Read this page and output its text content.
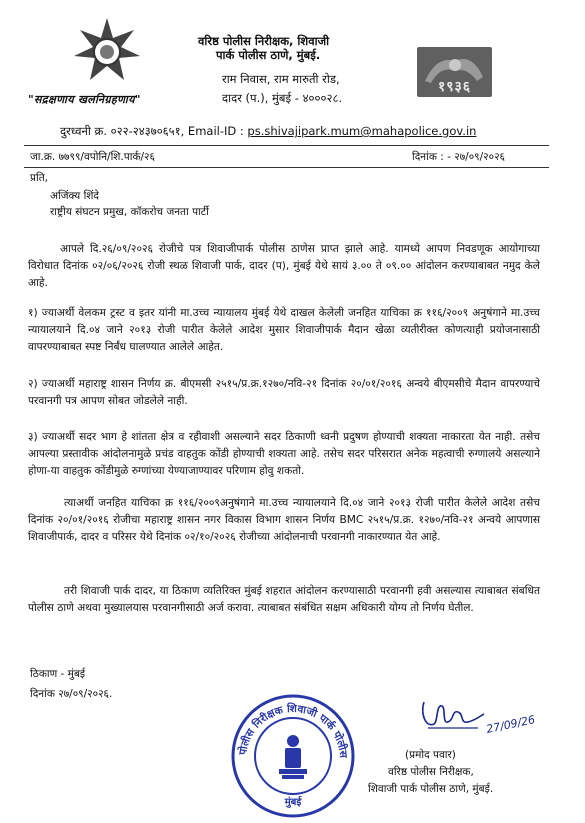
"सद्रक्षणाय खलनिग्रहणाय"
वरिष्ठ पोलीस निरीक्षक, शिवाजी
पार्क पोलीस ठाणे, मुंबई.
राम निवास, राम मारुती रोड,
दादर (प.), मुंबई - ४०००२८.
१९३६
दुरध्वनी क्र. ०२२-२४३७०६५१, Email-ID : ps.shivajipark.mum@mahapolice.gov.in
जा.क्र. ७७९९/वपोनि/शि.पार्क/२६	दिनांक : - २७/०९/२०२६
प्रति,
अजिंक्य शिंदे
राष्ट्रीय संघटन प्रमुख, कॉकरोच जनता पार्टी
आपले दि.२६/०९/२०२६ रोजीचे पत्र शिवाजीपार्क पोलीस ठाणेस प्राप्त झाले आहे. यामध्ये आपण निवडणूक आयोगाच्या विरोधात दिनांक ०२/०६/२०२६ रोजी स्थळ शिवाजी पार्क, दादर (प), मुंबई येथे सायं ३.०० ते ०९.०० आंदोलन करण्याबाबत नमुद केले आहे.
१) ज्याअर्थी वेलकम ट्रस्ट व इतर यांनी मा.उच्च न्यायालय मुंबई येथे दाखल केलेली जनहित याचिका क्र ११६/२००९ अनुषंगाने मा.उच्च न्यायालयाने दि.०४ जाने २०१३ रोजी पारीत केलेले आदेश मुसार शिवाजीपार्क मैदान खेळा व्यतीरीक्त कोणत्याही प्रयोजनासाठी वापरण्याबाबत स्पष्ट निर्बंध घालण्यात आलेले आहेत.
२) ज्याअर्थी महाराष्ट्र शासन निर्णय क्र. बीएमसी २५१५/प्र.क्र.१२७०/नवि-२१ दिनांक २०/०१/२०१६ अन्वये बीएमसीचे मैदान वापरण्याचे परवानगी पत्र आपण सोबत जोडलेले नाही.
३) ज्याअर्थी सदर भाग हे शांतता क्षेत्र व रहीवाशी असल्याने सदर ठिकाणी ध्वनी प्रदुषण होण्याची शक्यता नाकारता येत नाही. तसेच आपल्या प्रस्तावीक आंदोलनामुळे प्रचंड वाहतुक कोंडी होण्याची शक्यता आहे. तसेच सदर परिसरात अनेक महत्वाची रुग्णालये असल्याने होणा-या वाहतुक कोंडीमुळे रुग्णांच्या येण्याजाण्यावर परिणाम होवु शकतो.
त्याअर्थी जनहित याचिका क्र ११६/२००९अनुषंगाने मा.उच्च न्यायालयाने दि.०४ जाने २०१३ रोजी पारीत केलेले आदेश तसेच दिनांक २०/०१/२०१६ रोजीचा महाराष्ट्र शासन नगर विकास विभाग शासन निर्णय BMC २५१५/प्र.क्र. १२७०/नवि-२१ अन्वये आपणास शिवाजीपार्क, दादर व परिसर येथे दिनांक ०२/१०/२०२६ रोजीच्या आंदोलनाची परवानगी नाकारण्यात येत आहे.
तरी शिवाजी पार्क दादर, या ठिकाण व्यतिरिक्त मुंबई शहरात आंदोलन करण्यासाठी परवानगी हवी असल्यास त्याबाबत संबधित पोलीस ठाणे अथवा मुख्यालयास परवानगीसाठी अर्ज करावा. त्याबाबत संबंधित सक्षम अधिकारी योग्य तो निर्णय घेतील.
ठिकाण - मुंबई
दिनांक २७/०९/२०२६.
पोलीस निरीक्षक शिवाजी पार्क पोलीस
मुंबई
27/09/26
(प्रमोद पवार)
वरिष्ठ पोलीस निरीक्षक,
शिवाजी पार्क पोलीस ठाणे, मुंबई.
